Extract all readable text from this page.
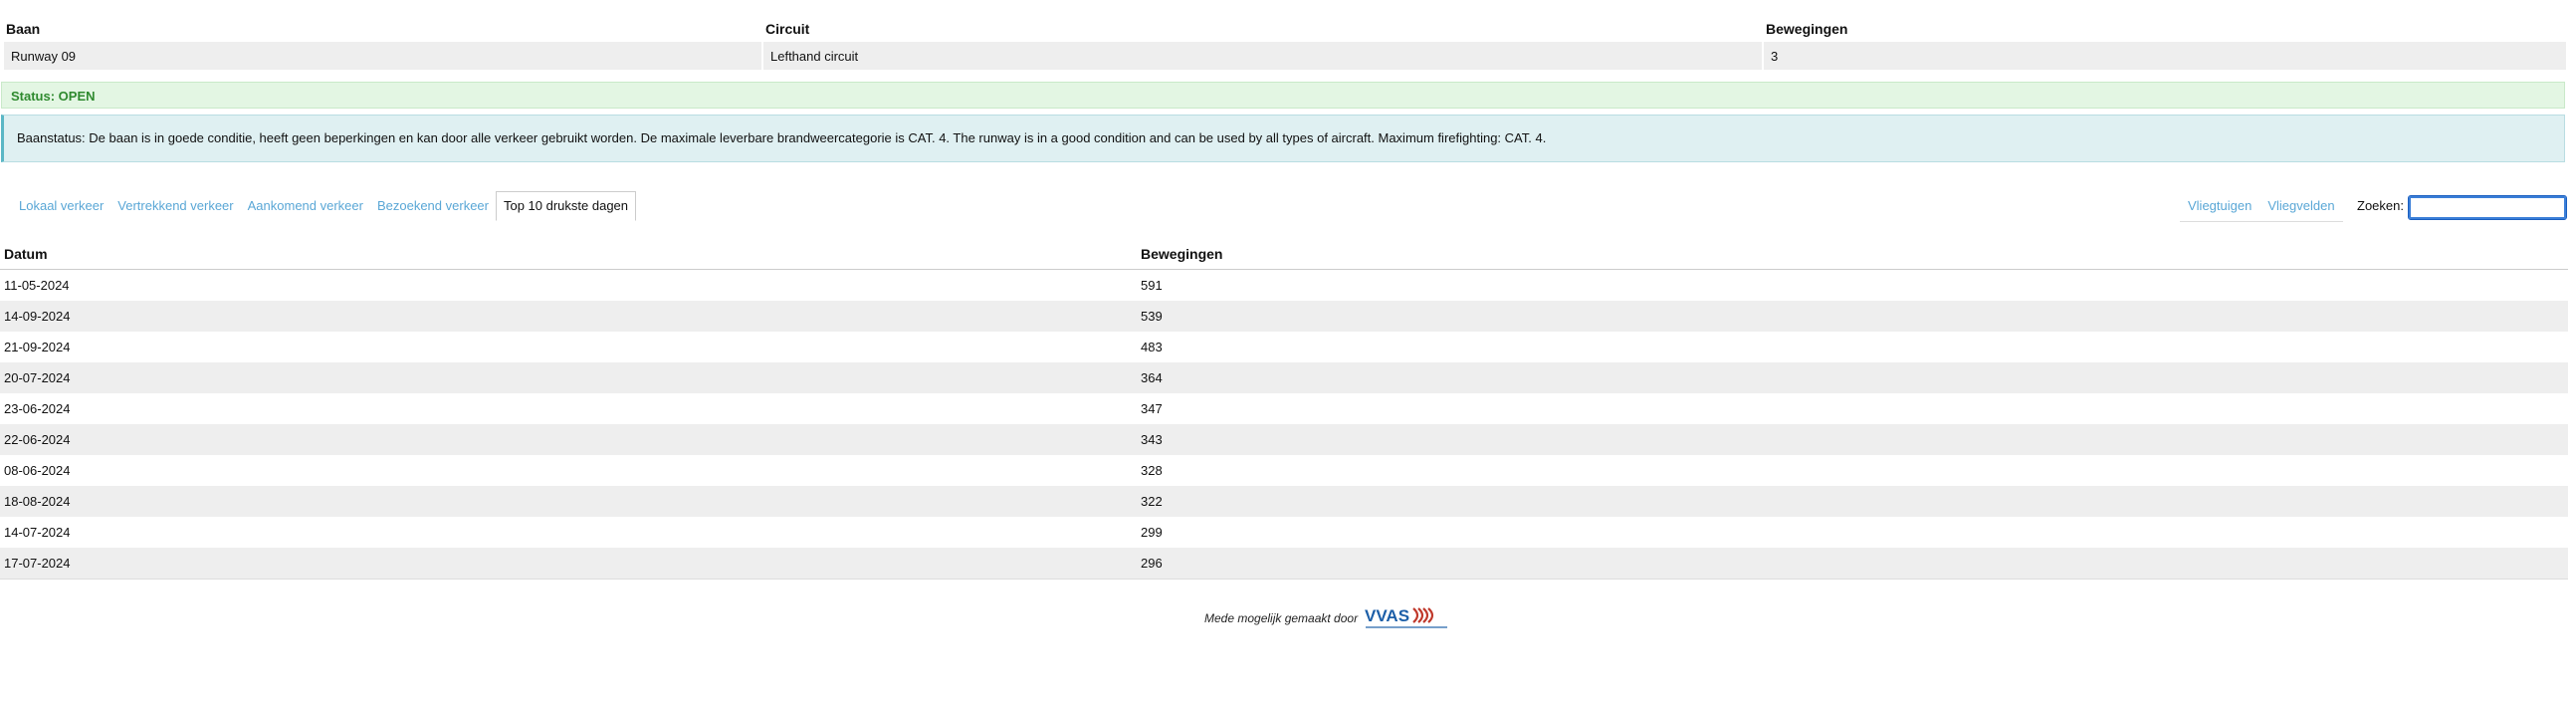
Baan	Circuit	Bewegingen
Runway 09	Lefthand circuit	3
Status: OPEN
Baanstatus: De baan is in goede conditie, heeft geen beperkingen en kan door alle verkeer gebruikt worden. De maximale leverbare brandweercategorie is CAT. 4. The runway is in a good condition and can be used by all types of aircraft. Maximum firefighting: CAT. 4.
Lokaal verkeer	Vertrekkend verkeer	Aankomend verkeer	Bezoekend verkeer	Top 10 drukste dagen	Vliegtuigen	Vliegvelden	Zoeken:
Datum	Bewegingen
11-05-2024	591
14-09-2024	539
21-09-2024	483
20-07-2024	364
23-06-2024	347
22-06-2024	343
08-06-2024	328
18-08-2024	322
14-07-2024	299
17-07-2024	296
Mede mogelijk gemaakt door VVAS
